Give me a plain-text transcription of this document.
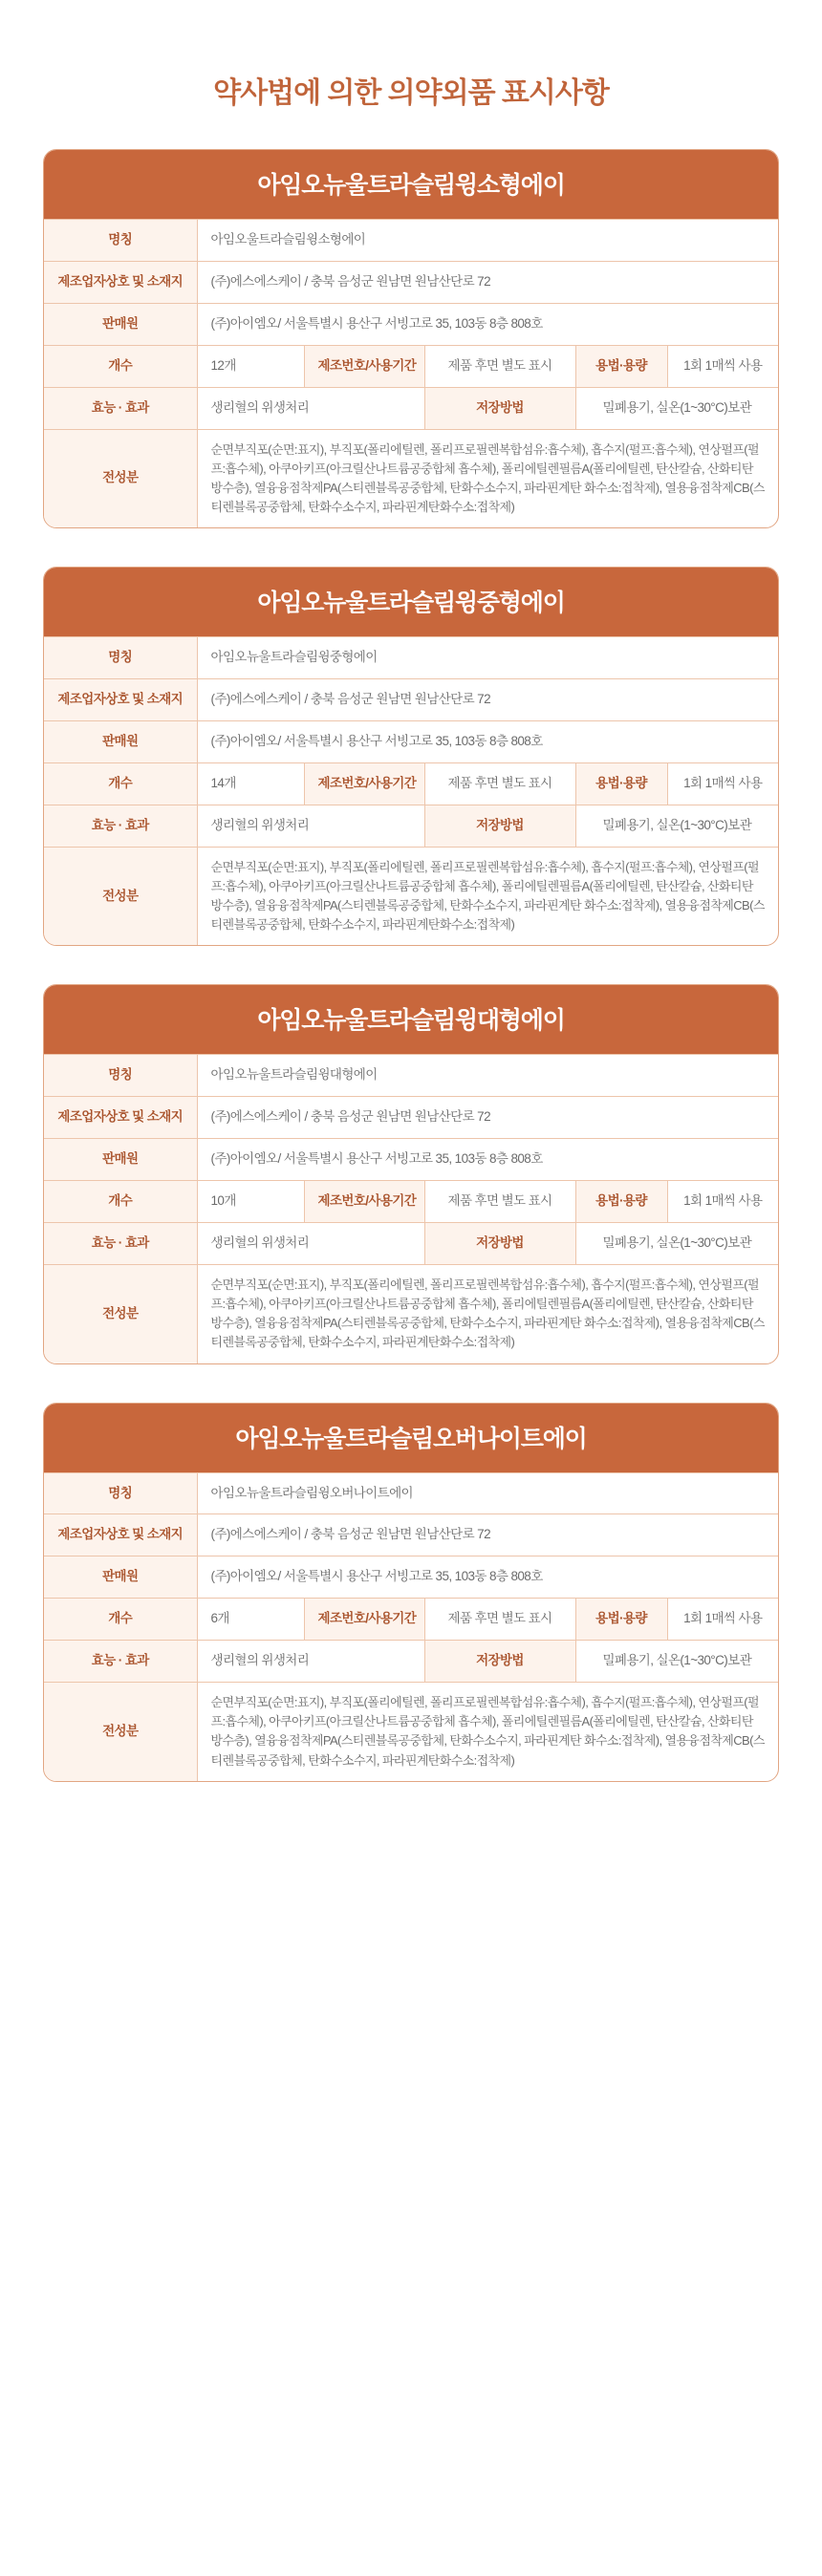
약사법에 의한 의약외품 표시사항
아임오뉴울트라슬림윙소형에이
명칭	아임오울트라슬림윙소형에이				
제조업자상호 및 소재지	(주)에스에스케이 / 충북 음성군 원남면 원남산단로 72				
판매원	(주)아이엠오/ 서울특별시 용산구 서빙고로 35, 103동 8층 808호				
개수	12개	제조번호/사용기간	제품 후면 별도 표시	용법·용량	1회 1매씩 사용
효능 · 효과	생리혈의 위생처리		저장방법	밀폐용기, 실온(1~30°C)보관	
전성분	순면부직포(순면:표지), 부직포(폴리에틸렌, 폴리프로필렌복합섬유:흡수체), 흡수지(펄프:흡수체), 연상펄프(펄프:흡수체), 아쿠아키프(아크릴산나트륨공중합체 흡수체), 폴리에틸렌필름A(폴리에틸렌, 탄산칼슘, 산화티탄 방수층), 열융융점착제PA(스티렌블록공중합체, 탄화수소수지, 파라핀계탄 화수소:접착제), 열용융점착제CB(스티렌블록공중합체, 탄화수소수지, 파라핀계탄화수소:접착제)				
아임오뉴울트라슬림윙중형에이
명칭	아임오뉴울트라슬림윙중형에이				
제조업자상호 및 소재지	(주)에스에스케이 / 충북 음성군 원남면 원남산단로 72				
판매원	(주)아이엠오/ 서울특별시 용산구 서빙고로 35, 103동 8층 808호				
개수	14개	제조번호/사용기간	제품 후면 별도 표시	용법·용량	1회 1매씩 사용
효능 · 효과	생리혈의 위생처리		저장방법	밀폐용기, 실온(1~30°C)보관	
전성분	순면부직포(순면:표지), 부직포(폴리에틸렌, 폴리프로필렌복합섬유:흡수체), 흡수지(펄프:흡수체), 연상펄프(펄프:흡수체), 아쿠아키프(아크릴산나트륨공중합체 흡수체), 폴리에틸렌필름A(폴리에틸렌, 탄산칼슘, 산화티탄 방수층), 열융융점착제PA(스티렌블록공중합체, 탄화수소수지, 파라핀계탄 화수소:접착제), 열용융점착제CB(스티렌블록공중합체, 탄화수소수지, 파라핀계탄화수소:접착제)				
아임오뉴울트라슬림윙대형에이
명칭	아임오뉴울트라슬림윙대형에이				
제조업자상호 및 소재지	(주)에스에스케이 / 충북 음성군 원남면 원남산단로 72				
판매원	(주)아이엠오/ 서울특별시 용산구 서빙고로 35, 103동 8층 808호				
개수	10개	제조번호/사용기간	제품 후면 별도 표시	용법·용량	1회 1매씩 사용
효능 · 효과	생리혈의 위생처리		저장방법	밀폐용기, 실온(1~30°C)보관	
전성분	순면부직포(순면:표지), 부직포(폴리에틸렌, 폴리프로필렌복합섬유:흡수체), 흡수지(펄프:흡수체), 연상펄프(펄프:흡수체), 아쿠아키프(아크릴산나트륨공중합체 흡수체), 폴리에틸렌필름A(폴리에틸렌, 탄산칼슘, 산화티탄 방수층), 열융융점착제PA(스티렌블록공중합체, 탄화수소수지, 파라핀계탄 화수소:접착제), 열용융점착제CB(스티렌블록공중합체, 탄화수소수지, 파라핀계탄화수소:접착제)				
아임오뉴울트라슬림오버나이트에이
명칭	아임오뉴울트라슬림윙오버나이트에이				
제조업자상호 및 소재지	(주)에스에스케이 / 충북 음성군 원남면 원남산단로 72				
판매원	(주)아이엠오/ 서울특별시 용산구 서빙고로 35, 103동 8층 808호				
개수	6개	제조번호/사용기간	제품 후면 별도 표시	용법·용량	1회 1매씩 사용
효능 · 효과	생리혈의 위생처리		저장방법	밀폐용기, 실온(1~30°C)보관	
전성분	순면부직포(순면:표지), 부직포(폴리에틸렌, 폴리프로필렌복합섬유:흡수체), 흡수지(펄프:흡수체), 연상펄프(펄프:흡수체), 아쿠아키프(아크릴산나트륨공중합체 흡수체), 폴리에틸렌필름A(폴리에틸렌, 탄산칼슘, 산화티탄 방수층), 열융융점착제PA(스티렌블록공중합체, 탄화수소수지, 파라핀계탄 화수소:접착제), 열용융점착제CB(스티렌블록공중합체, 탄화수소수지, 파라핀계탄화수소:접착제)				
